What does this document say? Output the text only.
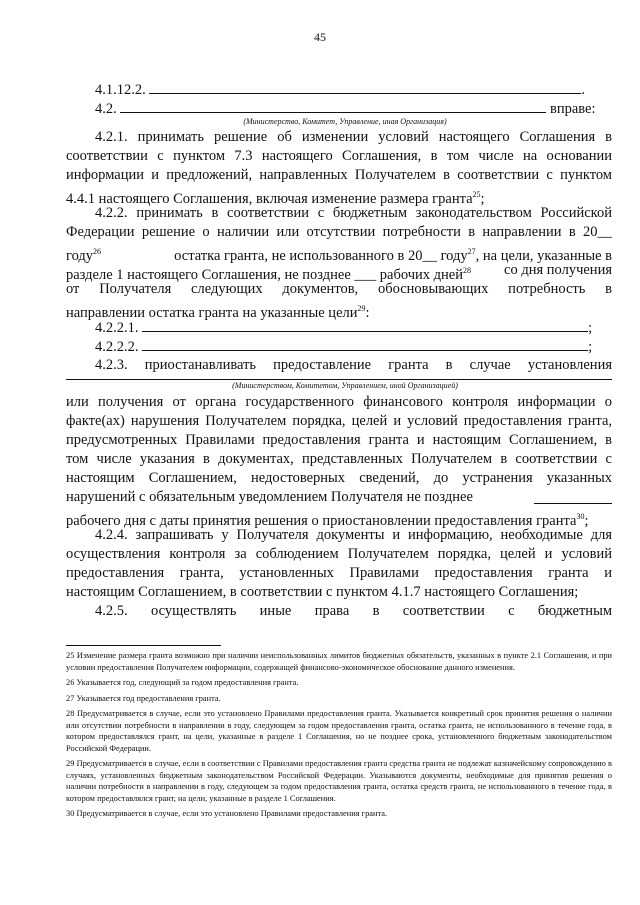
45
4.1.12.2.	.
4.2.	вправе:
(Министерство, Комитет, Управление, иная Организация)
4.2.1. принимать решение об изменении условий настоящего Соглашения в
соответствии с пунктом 7.3 настоящего Соглашения, в том числе на основании
информации и предложений, направленных Получателем в соответствии с пунктом
4.4.1 настоящего Соглашения, включая изменение размера гранта$^{25}$;
4.2.2. принимать в соответствии с бюджетным законодательством Российской
Федерации решение о наличии или отсутствии потребности в направлении в 20__
году$^{26}$	остатка гранта, не использованного в 20__ году$^{27}$, на цели, указанные в
разделе 1 настоящего Соглашения, не позднее ___ рабочих дней$^{28}$ со дня получения
от Получателя следующих документов, обосновывающих потребность в
направлении остатка гранта на указанные цели$^{29}$:
4.2.2.1.	;
4.2.2.2.	;
4.2.3. приостанавливать предоставление гранта в случае установления
(Министерством, Комитетом, Управлением, иной Организацией)
или получения от органа государственного финансового контроля информации о
факте(ах) нарушения Получателем порядка, целей и условий предоставления гранта,
предусмотренных Правилами предоставления гранта и настоящим Соглашением, в
том числе указания в документах, представленных Получателем в соответствии с
настоящим Соглашением, недостоверных сведений, до устранения указанных
нарушений с обязательным уведомлением Получателя не позднее
рабочего дня с даты принятия решения о приостановлении предоставления гранта$^{30}$;
4.2.4. запрашивать у Получателя документы и информацию, необходимые для
осуществления контроля за соблюдением Получателем порядка, целей и условий
предоставления гранта, установленных Правилами предоставления гранта и
настоящим Соглашением, в соответствии с пунктом 4.1.7 настоящего Соглашения;
4.2.5. осуществлять иные права в соответствии с бюджетным

25 Изменение размера гранта возможно при наличии неиспользованных лимитов бюджетных обязательств, указанных в пункте 2.1 Соглашения, и при условии предоставления Получателем информации, содержащей финансово-экономическое обоснование данного изменения.

26 Указывается год, следующий за годом предоставления гранта.

27 Указывается год предоставления гранта.

28 Предусматривается в случае, если это установлено Правилами предоставления гранта. Указывается конкретный срок принятия решения о наличии или отсутствии потребности в направлении в году, следующем за годом предоставления гранта, остатка гранта, не использованного в течение года, в котором предоставлялся грант, на цели, указанные в разделе 1 Соглашения, но не позднее срока, установленного бюджетным законодательством Российской Федерации.

29 Предусматривается в случае, если в соответствии с Правилами предоставления гранта средства гранта не подлежат казначейскому сопровождению в случаях, установленных бюджетным законодательством Российской Федерации. Указываются документы, необходимые для принятия решения о наличии потребности в направлении в году, следующем за годом предоставления гранта, остатка средств гранта, не использованного в течение года, в котором предоставлялся грант, на цели, указанные в разделе 1 Соглашения.

30 Предусматривается в случае, если это установлено Правилами предоставления гранта.
